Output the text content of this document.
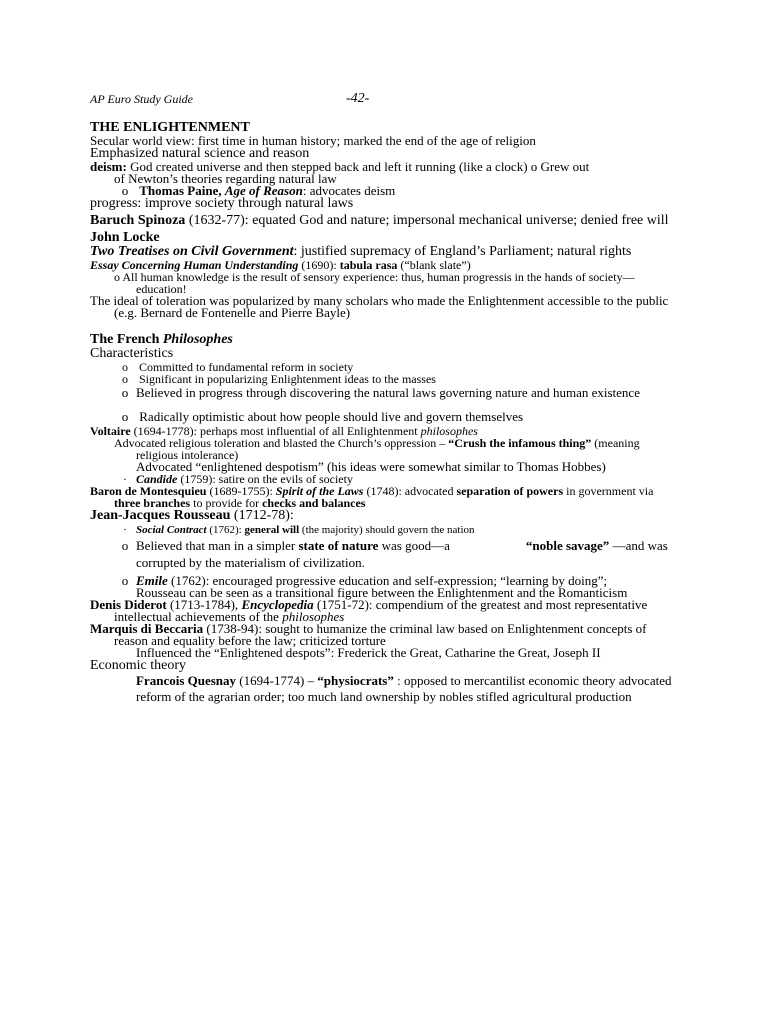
AP Euro Study Guide	-42-
THE ENLIGHTENMENT
Secular world view: first time in human history; marked the end of the age of religion
Emphasized natural science and reason
deism: God created universe and then stepped back and left it running (like a clock) o Grew out
of Newton’s theories regarding natural law
o Thomas Paine, Age of Reason: advocates deism
progress: improve society through natural laws
Baruch Spinoza (1632-77): equated God and nature; impersonal mechanical universe; denied free will
John Locke
Two Treatises on Civil Government: justified supremacy of England’s Parliament; natural rights
Essay Concerning Human Understanding (1690): tabula rasa (“blank slate”)
o All human knowledge is the result of sensory experience: thus, human progressis in the hands of society—
education!
The ideal of toleration was popularized by many scholars who made the Enlightenment accessible to the public
(e.g. Bernard de Fontenelle and Pierre Bayle)
The French Philosophes
Characteristics
o Committed to fundamental reform in society
o Significant in popularizing Enlightenment ideas to the masses
o Believed in progress through discovering the natural laws governing nature and human existence
o Radically optimistic about how people should live and govern themselves
Voltaire (1694-1778): perhaps most influential of all Enlightenment philosophes
Advocated religious toleration and blasted the Church’s oppression – “Crush the infamous thing” (meaning
religious intolerance)
Advocated “enlightened despotism” (his ideas were somewhat similar to Thomas Hobbes)
· Candide (1759): satire on the evils of society
Baron de Montesquieu (1689-1755): Spirit of the Laws (1748): advocated separation of powers in government via
three branches to provide for checks and balances
Jean-Jacques Rousseau (1712-78):
· Social Contract (1762): general will (the majority) should govern the nation
o Believed that man in a simpler state of nature was good—a	“noble savage” —and was
corrupted by the materialism of civilization.
o Emile (1762): encouraged progressive education and self-expression; “learning by doing”;
Rousseau can be seen as a transitional figure between the Enlightenment and the Romanticism
Denis Diderot (1713-1784), Encyclopedia (1751-72): compendium of the greatest and most representative
intellectual achievements of the philosophes
Marquis di Beccaria (1738-94): sought to humanize the criminal law based on Enlightenment concepts of
reason and equality before the law; criticized torture
Influenced the “Enlightened despots”: Frederick the Great, Catharine the Great, Joseph II
Economic theory
Francois Quesnay (1694-1774) – “physiocrats” : opposed to mercantilist economic theory advocated
reform of the agrarian order; too much land ownership by nobles stifled agricultural production
